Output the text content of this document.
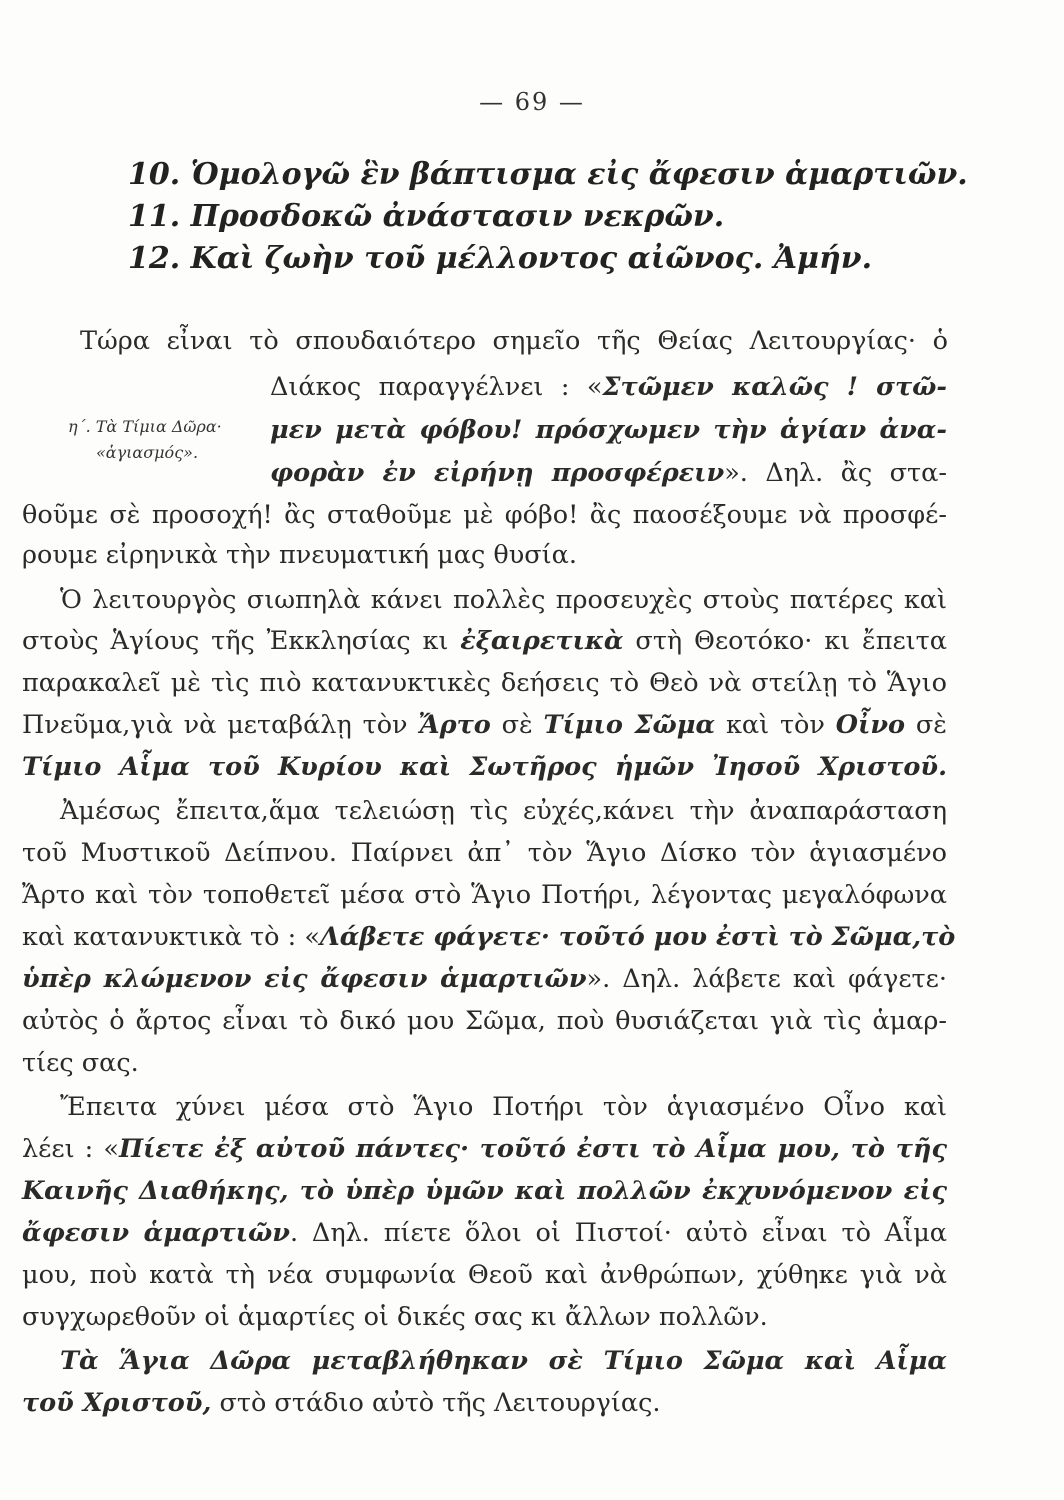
— 69 —
10. Ὁμολογῶ ἓν βάπτισμα εἰς ἄφεσιν ἁμαρτιῶν.
11. Προσδοκῶ ἀνάστασιν νεκρῶν.
12. Καὶ ζωὴν τοῦ μέλλοντος αἰῶνος. Ἀμήν.
η΄. Τὰ Τίμια Δῶρα·
«ἁγιασμός».
Τώρα εἶναι τὸ σπουδαιότερο σημεῖο τῆς Θείας Λειτουργίας· ὁ
Διάκος παραγγέλνει : «Στῶμεν καλῶς ! στῶ-
μεν μετὰ φόβου! πρόσχωμεν τὴν ἁγίαν ἀνα-
φορὰν ἐν εἰρήνῃ προσφέρειν». Δηλ. ἂς στα-
θοῦμε σὲ προσοχή! ἂς σταθοῦμε μὲ φόβο! ἂς παοσέξουμε νὰ προσφέ-
ρουμε εἰρηνικὰ τὴν πνευματική μας θυσία.
Ὁ λειτουργὸς σιωπηλὰ κάνει πολλὲς προσευχὲς στοὺς πατέρες καὶ
στοὺς Ἁγίους τῆς Ἐκκλησίας κι ἐξαιρετικὰ στὴ Θεοτόκο· κι ἔπειτα
παρακαλεῖ μὲ τὶς πιὸ κατανυκτικὲς δεήσεις τὸ Θεὸ νὰ στείλῃ τὸ Ἅγιο
Πνεῦμα,γιὰ νὰ μεταβάλῃ τὸν Ἄρτο σὲ Τίμιο Σῶμα καὶ τὸν Οἶνο σὲ
Τίμιο Αἷμα τοῦ Κυρίου καὶ Σωτῆρος ἡμῶν Ἰησοῦ Χριστοῦ.
Ἀμέσως ἔπειτα,ἅμα τελειώσῃ τὶς εὐχές,κάνει τὴν ἀναπαράσταση
τοῦ Μυστικοῦ Δείπνου. Παίρνει ἀπ᾽ τὸν Ἅγιο Δίσκο τὸν ἁγιασμένο
Ἄρτο καὶ τὸν τοποθετεῖ μέσα στὸ Ἅγιο Ποτήρι, λέγοντας μεγαλόφωνα
καὶ κατανυκτικὰ τὸ : «Λάβετε φάγετε· τοῦτό μου ἐστὶ τὸ Σῶμα,τὸ
ὑπὲρ κλώμενον εἰς ἄφεσιν ἁμαρτιῶν». Δηλ. λάβετε καὶ φάγετε·
αὐτὸς ὁ ἄρτος εἶναι τὸ δικό μου Σῶμα, ποὺ θυσιάζεται γιὰ τὶς ἁμαρ-
τίες σας.
Ἔπειτα χύνει μέσα στὸ Ἅγιο Ποτήρι τὸν ἁγιασμένο Οἶνο καὶ
λέει : «Πίετε ἐξ αὐτοῦ πάντες· τοῦτό ἐστι τὸ Αἷμα μου, τὸ τῆς
Καινῆς Διαθήκης, τὸ ὑπὲρ ὑμῶν καὶ πολλῶν ἐκχυνόμενον εἰς
ἄφεσιν ἁμαρτιῶν. Δηλ. πίετε ὅλοι οἱ Πιστοί· αὐτὸ εἶναι τὸ Αἷμα
μου, ποὺ κατὰ τὴ νέα συμφωνία Θεοῦ καὶ ἀνθρώπων, χύθηκε γιὰ νὰ
συγχωρεθοῦν οἱ ἁμαρτίες οἱ δικές σας κι ἄλλων πολλῶν.
Τὰ Ἅγια Δῶρα μεταβλήθηκαν σὲ Τίμιο Σῶμα καὶ Αἷμα
τοῦ Χριστοῦ, στὸ στάδιο αὐτὸ τῆς Λειτουργίας.
